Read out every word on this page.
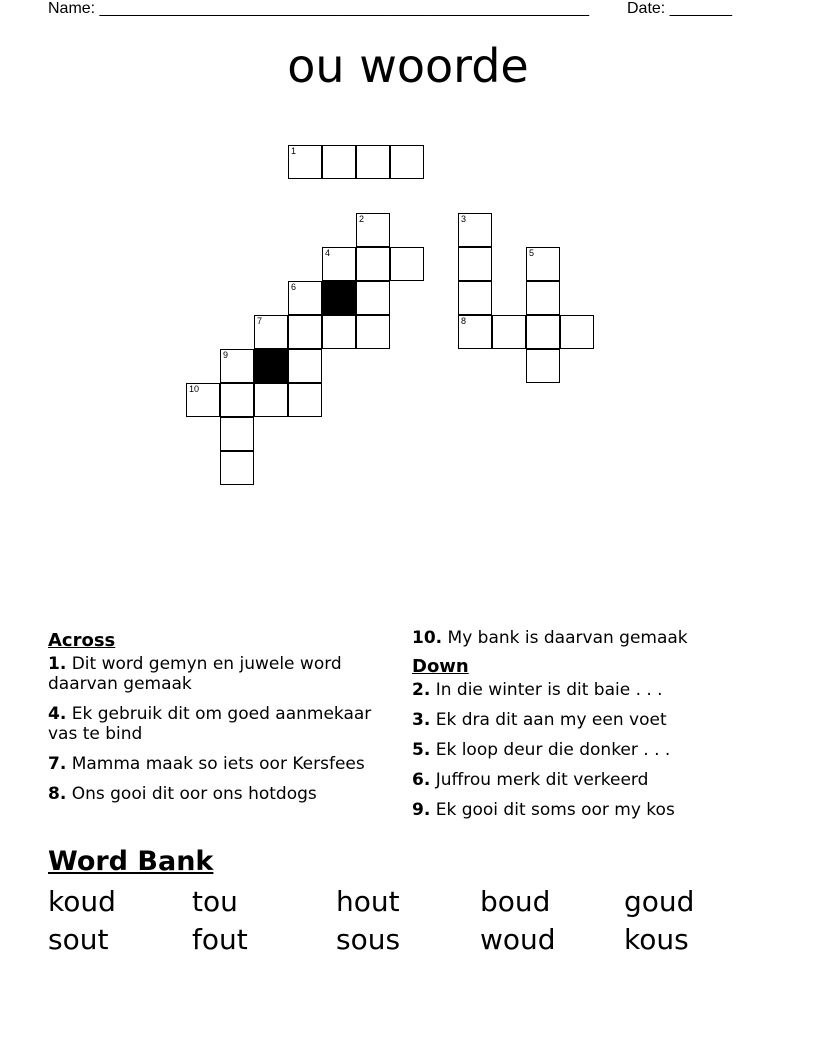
Name: _______________________________________________________ Date: _______
ou woorde
1
2	3
4	5
6
7	8
9
10
Across
1. Dit word gemyn en juwele word daarvan gemaak
4. Ek gebruik dit om goed aanmekaar vas te bind
7. Mamma maak so iets oor Kersfees
8. Ons gooi dit oor ons hotdogs
10. My bank is daarvan gemaak
Down
2. In die winter is dit baie . . .
3. Ek dra dit aan my een voet
5. Ek loop deur die donker . . .
6. Juffrou merk dit verkeerd
9. Ek gooi dit soms oor my kos
Word Bank
koud	tou	hout	boud	goud
sout	fout	sous	woud kous
